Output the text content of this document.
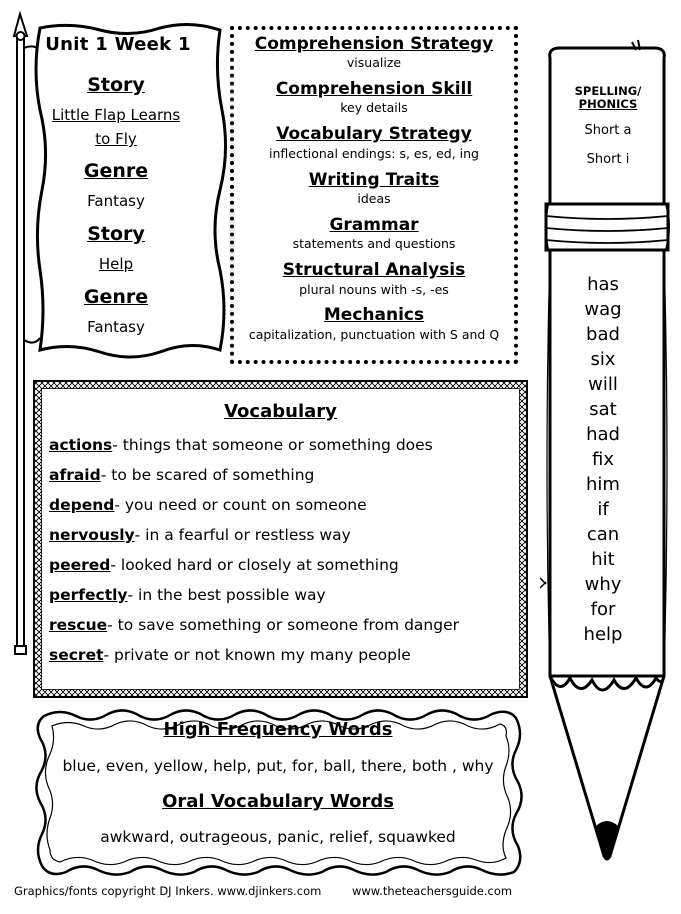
Unit 1 Week 1
Story
Little Flap Learns
to Fly
Genre
Fantasy
Story
Help
Genre
Fantasy
Comprehension Strategy
visualize
Comprehension Skill
key details
Vocabulary Strategy
inflectional endings: s, es, ed, ing
Writing Traits
ideas
Grammar
statements and questions
Structural Analysis
plural nouns with -s, -es
Mechanics
capitalization, punctuation with S and Q
Vocabulary
actions- things that someone or something does
afraid- to be scared of something
depend- you need or count on someone
nervously- in a fearful or restless way
peered- looked hard or closely at something
perfectly- in the best possible way
rescue- to save something or someone from danger
secret- private or not known my many people
High Frequency Words
blue, even, yellow, help, put, for, ball, there, both , why
Oral Vocabulary Words
awkward, outrageous, panic, relief, squawked
SPELLING/
PHONICS
Short a
Short i
has
wag
bad
six
will
sat
had
fix
him
if
can
hit
why
for
help
Graphics/fonts copyright DJ Inkers. www.djinkers.com	www.theteachersguide.com
